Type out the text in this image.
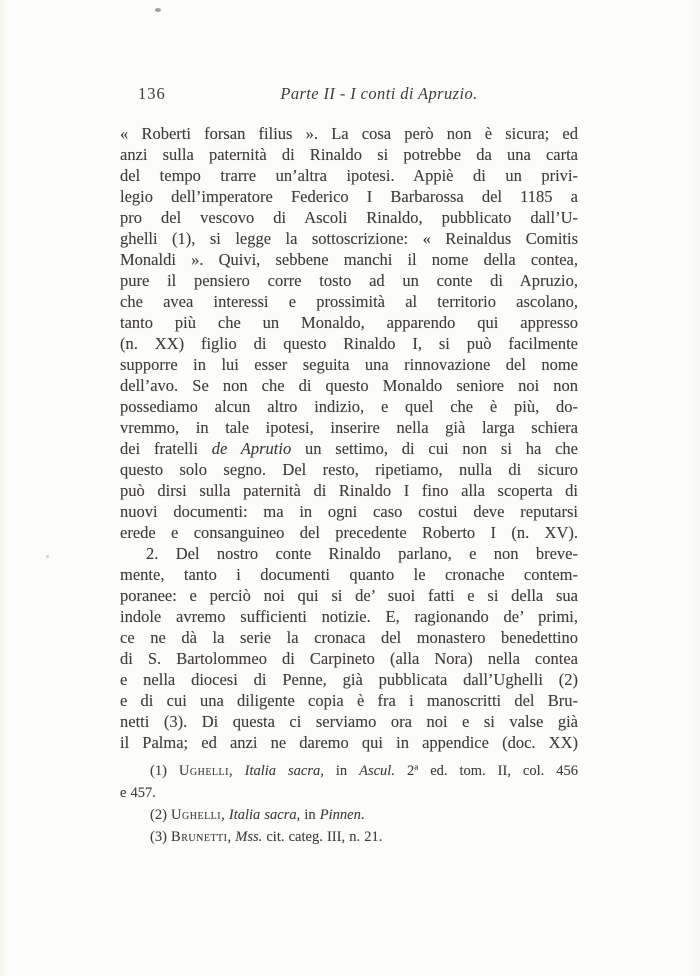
136	Parte II - I conti di Apruzio.
« Roberti forsan filius ». La cosa però non è sicura; ed
anzi sulla paternità di Rinaldo si potrebbe da una carta
del tempo trarre un’altra ipotesi. Appiè di un privi-
legio dell’imperatore Federico I Barbarossa del 1185 a
pro del vescovo di Ascoli Rinaldo, pubblicato dall’U-
ghelli (1), si legge la sottoscrizione: « Reinaldus Comitis
Monaldi ». Quivi, sebbene manchi il nome della contea,
pure il pensiero corre tosto ad un conte di Apruzio,
che avea interessi e prossimità al territorio ascolano,
tanto più che un Monaldo, apparendo qui appresso
(n. XX) figlio di questo Rinaldo I, si può facilmente
supporre in lui esser seguita una rinnovazione del nome
dell’avo. Se non che di questo Monaldo seniore noi non
possediamo alcun altro indizio, e quel che è più, do-
vremmo, in tale ipotesi, inserire nella già larga schiera
dei fratelli de Aprutio un settimo, di cui non si ha che
questo solo segno. Del resto, ripetiamo, nulla di sicuro
può dirsi sulla paternità di Rinaldo I fino alla scoperta di
nuovi documenti: ma in ogni caso costui deve reputarsi
erede e consanguineo del precedente Roberto I (n. XV).
2. Del nostro conte Rinaldo parlano, e non breve-
mente, tanto i documenti quanto le cronache contem-
poranee: e perciò noi qui si de’ suoi fatti e si della sua
indole avremo sufficienti notizie. E, ragionando de’ primi,
ce ne dà la serie la cronaca del monastero benedettino
di S. Bartolommeo di Carpineto (alla Nora) nella contea
e nella diocesi di Penne, già pubblicata dall’Ughelli (2)
e di cui una diligente copia è fra i manoscritti del Bru-
netti (3). Di questa ci serviamo ora noi e si valse già
il Palma; ed anzi ne daremo qui in appendice (doc. XX)
(1) Ughelli, Italia sacra, in Ascul. 2ª ed. tom. II, col. 456
e 457.
(2) Ughelli, Italia sacra, in Pinnen.
(3) Brunetti, Mss. cit. categ. III, n. 21.
